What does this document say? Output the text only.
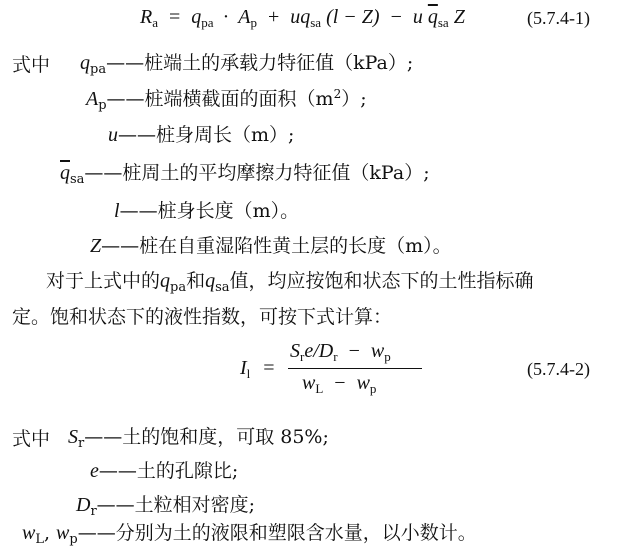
$R_a = q_{pa} \cdot A_p + uq_{sa}$ (l − Z) − u $\overline{q}_{sa}$ Z	(5.7.4-1)
式中 $q_{pa}——$桩端土的承载力特征值（kPa）;
$A_p——$桩端横截面的面积$(m^2)$;
u——桩身周长（m）;
$\overline{q}_{sa}——$桩周土的平均摩擦力特征值（kPa）;
l——桩身长度（m）。
Z——桩在自重湿陷性黄土层的长度（m）。
对于上式中的$q_{pa}$和$q_{sa}$值，均应按饱和状态下的土性指标确
定。饱和状态下的液性指数，可按下式计算：
$I_l$ =
$S_re/D_r - w_p$
$w_L - w_p$
(5.7.4-2)
式中 $S_r——$土的饱和度，可取 85%;
e——土的孔隙比;
$D_r——$土粒相对密度;
$w_L$, $w_p——$分别为土的液限和塑限含水量，以小数计。
